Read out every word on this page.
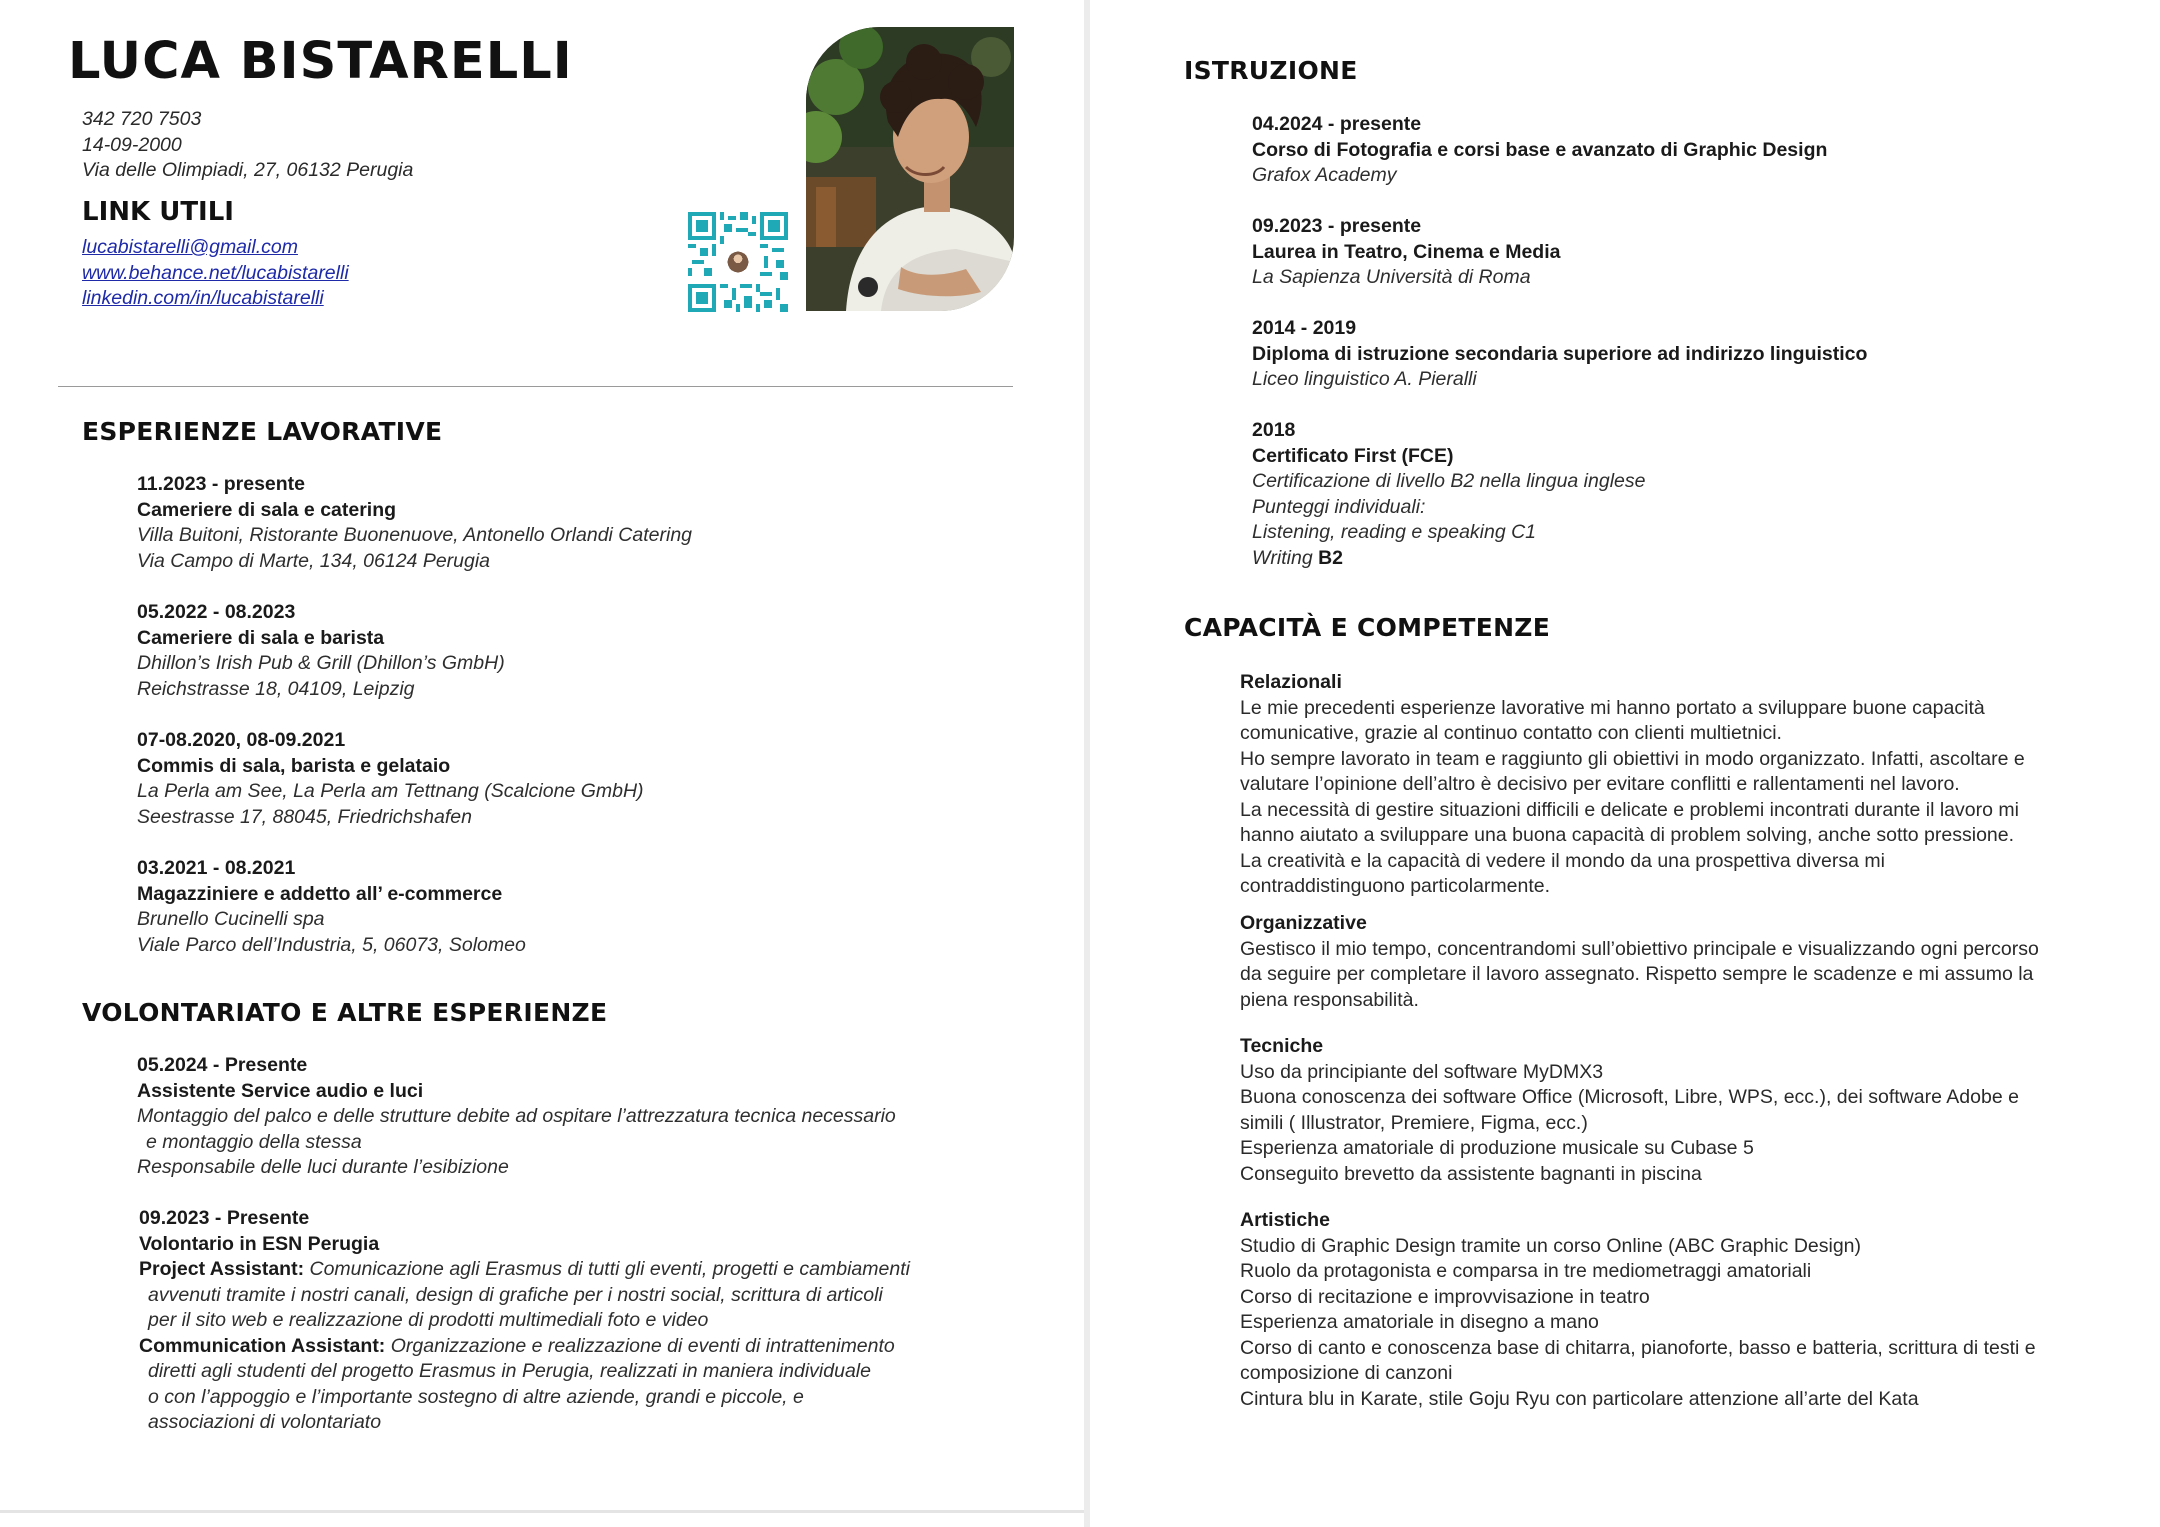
LUCA BISTARELLI
342 720 7503
14-09-2000
Via delle Olimpiadi, 27, 06132 Perugia
LINK UTILI
lucabistarelli@gmail.com
www.behance.net/lucabistarelli
linkedin.com/in/lucabistarelli
ESPERIENZE LAVORATIVE
11.2023 - presente
Cameriere di sala e catering
Villa Buitoni, Ristorante Buonenuove, Antonello Orlandi Catering
Via Campo di Marte, 134, 06124 Perugia
05.2022 - 08.2023
Cameriere di sala e barista
Dhillon’s Irish Pub & Grill (Dhillon’s GmbH)
Reichstrasse 18, 04109, Leipzig
07-08.2020, 08-09.2021
Commis di sala, barista e gelataio
La Perla am See, La Perla am Tettnang (Scalcione GmbH)
Seestrasse 17, 88045, Friedrichshafen
03.2021 - 08.2021
Magazziniere e addetto all’ e-commerce
Brunello Cucinelli spa
Viale Parco dell’Industria, 5, 06073, Solomeo
VOLONTARIATO E ALTRE ESPERIENZE
05.2024 - Presente
Assistente Service audio e luci
Montaggio del palco e delle strutture debite ad ospitare l’attrezzatura tecnica necessario
e montaggio della stessa
Responsabile delle luci durante l’esibizione
09.2023 - Presente
Volontario in ESN Perugia
Project Assistant: Comunicazione agli Erasmus di tutti gli eventi, progetti e cambiamenti
avvenuti tramite i nostri canali, design di grafiche per i nostri social, scrittura di articoli
per il sito web e realizzazione di prodotti multimediali foto e video
Communication Assistant: Organizzazione e realizzazione di eventi di intrattenimento
diretti agli studenti del progetto Erasmus in Perugia, realizzati in maniera individuale
o con l’appoggio e l’importante sostegno di altre aziende, grandi e piccole, e
associazioni di volontariato
ISTRUZIONE
04.2024 - presente
Corso di Fotografia e corsi base e avanzato di Graphic Design
Grafox Academy
09.2023 - presente
Laurea in Teatro, Cinema e Media
La Sapienza Università di Roma
2014 - 2019
Diploma di istruzione secondaria superiore ad indirizzo linguistico
Liceo linguistico A. Pieralli
2018
Certificato First (FCE)
Certificazione di livello B2 nella lingua inglese
Punteggi individuali:
Listening, reading e speaking C1
Writing B2
CAPACITÀ E COMPETENZE
Relazionali
Le mie precedenti esperienze lavorative mi hanno portato a sviluppare buone capacità
comunicative, grazie al continuo contatto con clienti multietnici.
Ho sempre lavorato in team e raggiunto gli obiettivi in modo organizzato. Infatti, ascoltare e
valutare l’opinione dell’altro è decisivo per evitare conflitti e rallentamenti nel lavoro.
La necessità di gestire situazioni difficili e delicate e problemi incontrati durante il lavoro mi
hanno aiutato a sviluppare una buona capacità di problem solving, anche sotto pressione.
La creatività e la capacità di vedere il mondo da una prospettiva diversa mi
contraddistinguono particolarmente.
Organizzative
Gestisco il mio tempo, concentrandomi sull’obiettivo principale e visualizzando ogni percorso
da seguire per completare il lavoro assegnato. Rispetto sempre le scadenze e mi assumo la
piena responsabilità.
Tecniche
Uso da principiante del software MyDMX3
Buona conoscenza dei software Office (Microsoft, Libre, WPS, ecc.), dei software Adobe e
simili ( Illustrator, Premiere, Figma, ecc.)
Esperienza amatoriale di produzione musicale su Cubase 5
Conseguito brevetto da assistente bagnanti in piscina
Artistiche
Studio di Graphic Design tramite un corso Online (ABC Graphic Design)
Ruolo da protagonista e comparsa in tre mediometraggi amatoriali
Corso di recitazione e improvvisazione in teatro
Esperienza amatoriale in disegno a mano
Corso di canto e conoscenza base di chitarra, pianoforte, basso e batteria, scrittura di testi e
composizione di canzoni
Cintura blu in Karate, stile Goju Ryu con particolare attenzione all’arte del Kata
